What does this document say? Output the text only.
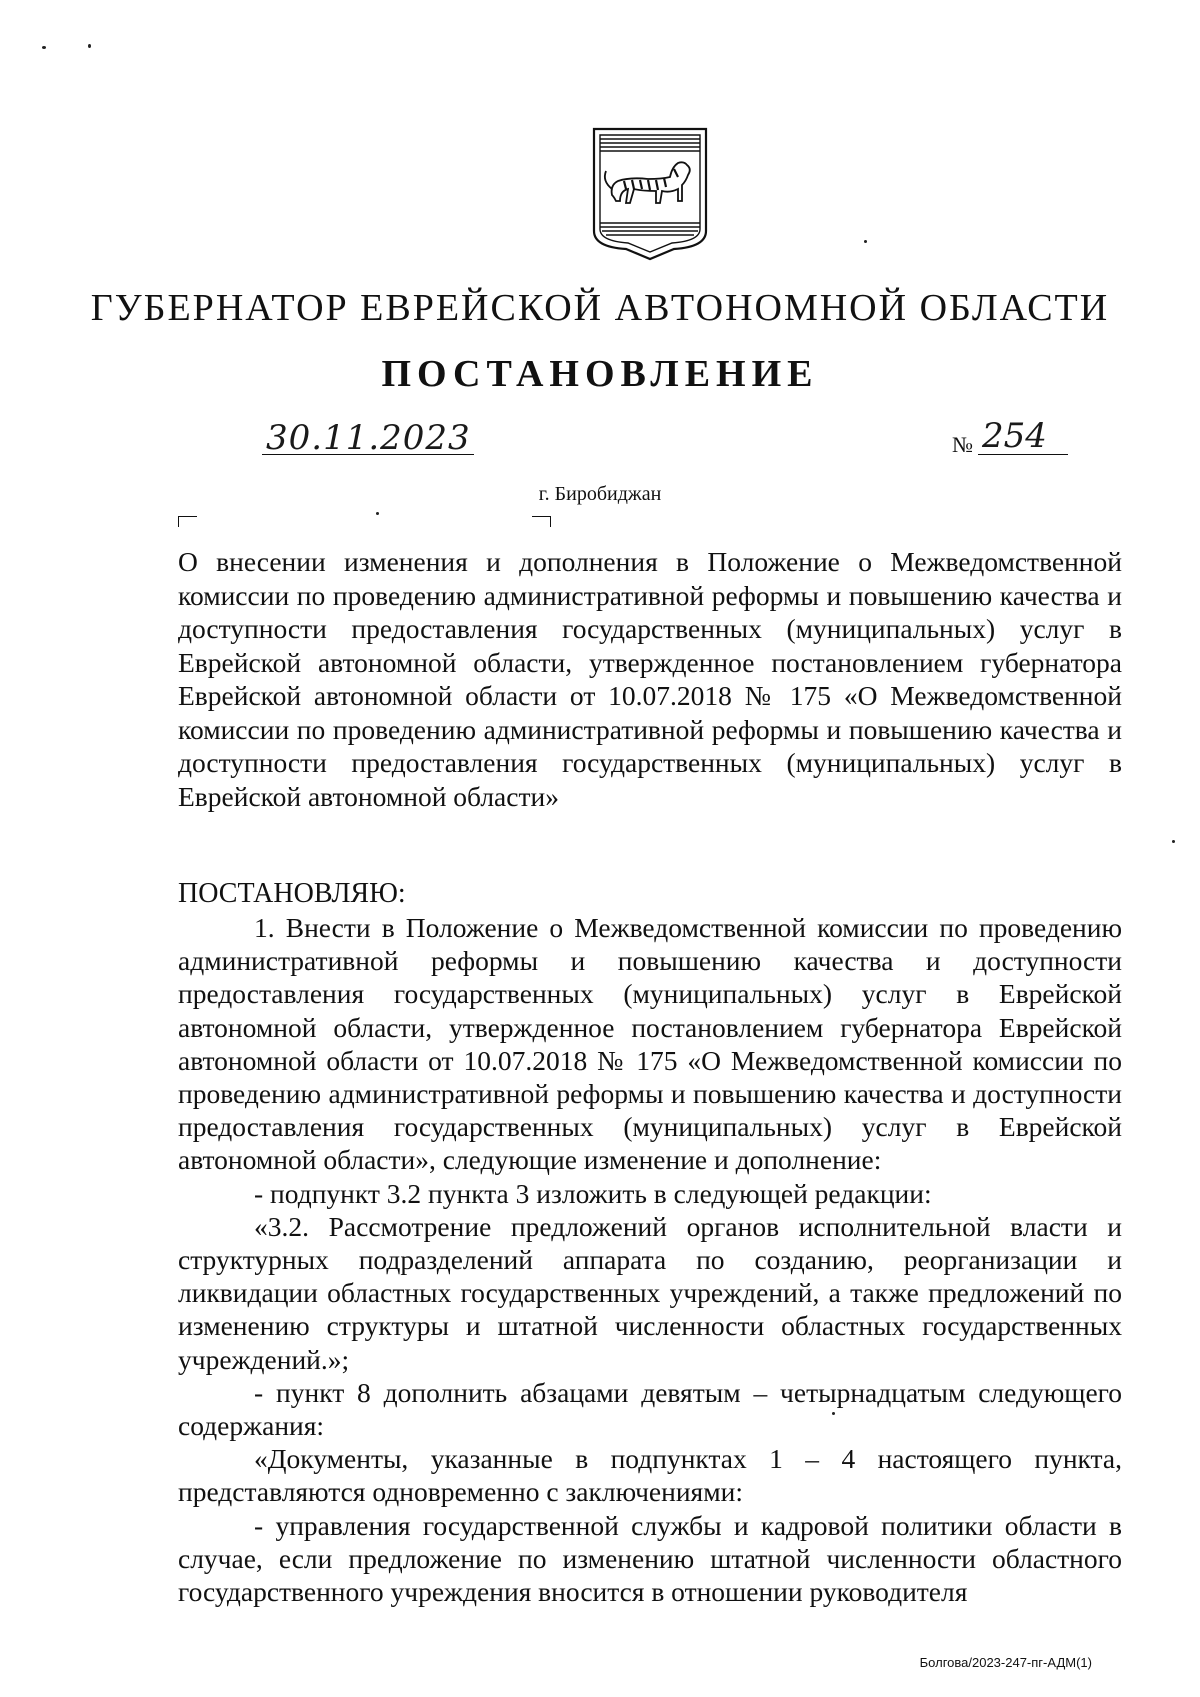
ГУБЕРНАТОР ЕВРЕЙСКОЙ АВТОНОМНОЙ ОБЛАСТИ
ПОСТАНОВЛЕНИЕ
30.11.2023	№ 254
г. Биробиджан
О внесении изменения и дополнения в Положение о Межведомственной комиссии по проведению административной реформы и повышению качества и доступности предоставления государственных (муниципальных) услуг в Еврейской автономной области, утвержденное постановлением губернатора Еврейской автономной области от 10.07.2018 № 175 «О Межведомственной комиссии по проведению административной реформы и повышению качества и доступности предоставления государственных (муниципальных) услуг в Еврейской автономной области»
ПОСТАНОВЛЯЮ:

1. Внести в Положение о Межведомственной комиссии по проведению административной реформы и повышению качества и доступности предоставления государственных (муниципальных) услуг в Еврейской автономной области, утвержденное постановлением губернатора Еврейской автономной области от 10.07.2018 № 175 «О Межведомственной комиссии по проведению административной реформы и повышению качества и доступности предоставления государственных (муниципальных) услуг в Еврейской автономной области», следующие изменение и дополнение:

- подпункт 3.2 пункта 3 изложить в следующей редакции:

«3.2. Рассмотрение предложений органов исполнительной власти и структурных подразделений аппарата по созданию, реорганизации и ликвидации областных государственных учреждений, а также предложений по изменению структуры и штатной численности областных государственных учреждений.»;

- пункт 8 дополнить абзацами девятым – четырнадцатым следующего содержания:

«Документы, указанные в подпунктах 1 – 4 настоящего пункта, представляются одновременно с заключениями:

- управления государственной службы и кадровой политики области в случае, если предложение по изменению штатной численности областного государственного учреждения вносится в отношении руководителя

Болгова/2023-247-пг-АДМ(1)
